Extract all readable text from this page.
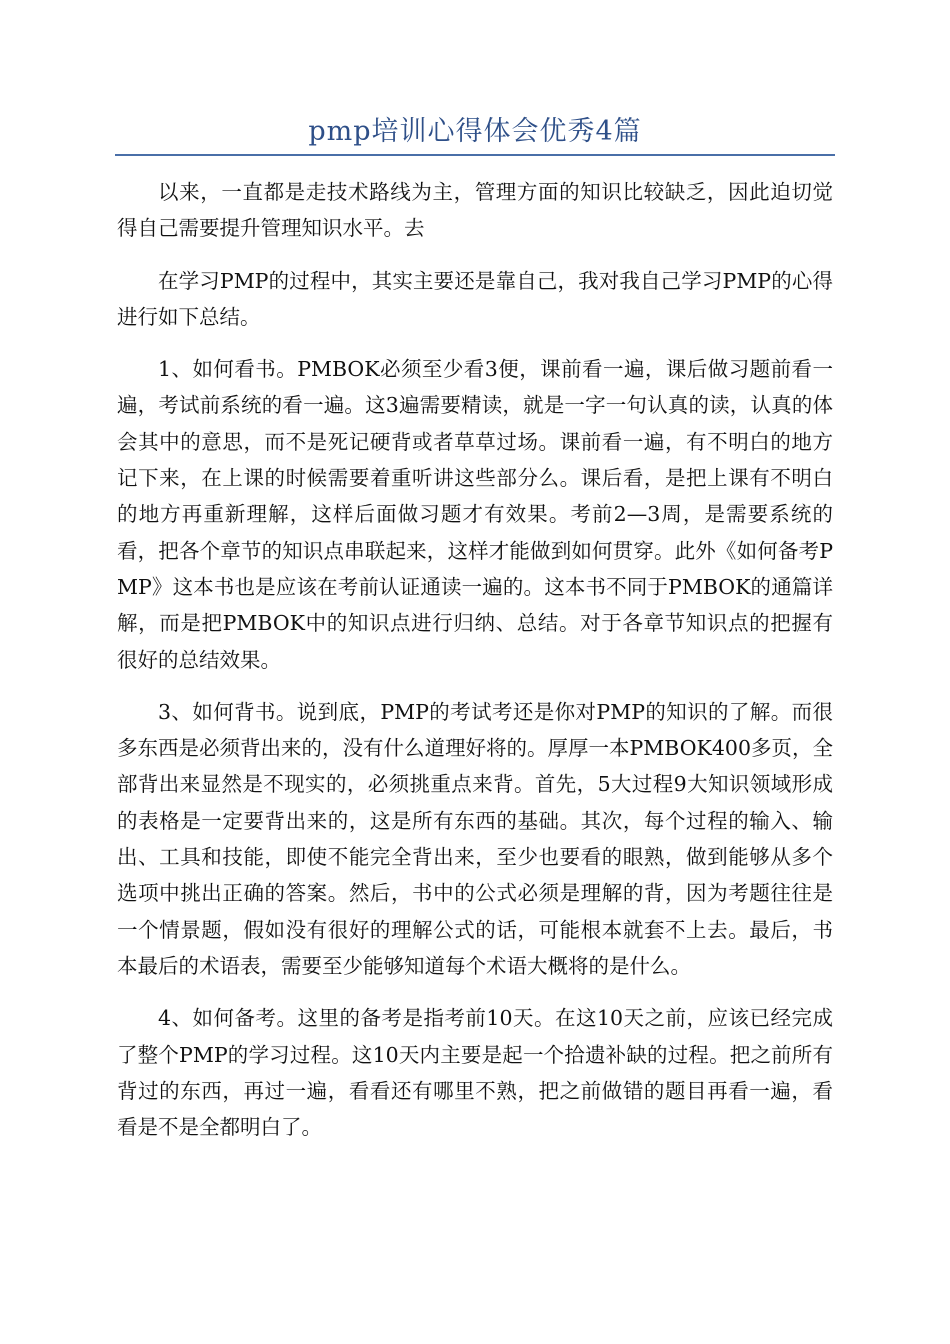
pmp培训心得体会优秀4篇

以来，一直都是走技术路线为主，管理方面的知识比较缺乏，因此迫切觉得自己需要提升管理知识水平。去

在学习PMP的过程中，其实主要还是靠自己，我对我自己学习PMP的心得进行如下总结。

1、如何看书。PMBOK必须至少看3便，课前看一遍，课后做习题前看一遍，考试前系统的看一遍。这3遍需要精读，就是一字一句认真的读，认真的体会其中的意思，而不是死记硬背或者草草过场。课前看一遍，有不明白的地方记下来，在上课的时候需要着重听讲这些部分么。课后看，是把上课有不明白的地方再重新理解，这样后面做习题才有效果。考前2—3周，是需要系统的看，把各个章节的知识点串联起来，这样才能做到如何贯穿。此外《如何备考PMP》这本书也是应该在考前认证通读一遍的。这本书不同于PMBOK的通篇详解，而是把PMBOK中的知识点进行归纳、总结。对于各章节知识点的把握有很好的总结效果。

3、如何背书。说到底，PMP的考试考还是你对PMP的知识的了解。而很多东西是必须背出来的，没有什么道理好将的。厚厚一本PMBOK400多页，全部背出来显然是不现实的，必须挑重点来背。首先，5大过程9大知识领域形成的表格是一定要背出来的，这是所有东西的基础。其次，每个过程的输入、输出、工具和技能，即使不能完全背出来，至少也要看的眼熟，做到能够从多个选项中挑出正确的答案。然后，书中的公式必须是理解的背，因为考题往往是一个情景题，假如没有很好的理解公式的话，可能根本就套不上去。最后，书本最后的术语表，需要至少能够知道每个术语大概将的是什么。

4、如何备考。这里的备考是指考前10天。在这10天之前，应该已经完成了整个PMP的学习过程。这10天内主要是起一个拾遗补缺的过程。把之前所有背过的东西，再过一遍，看看还有哪里不熟，把之前做错的题目再看一遍，看看是不是全都明白了。
